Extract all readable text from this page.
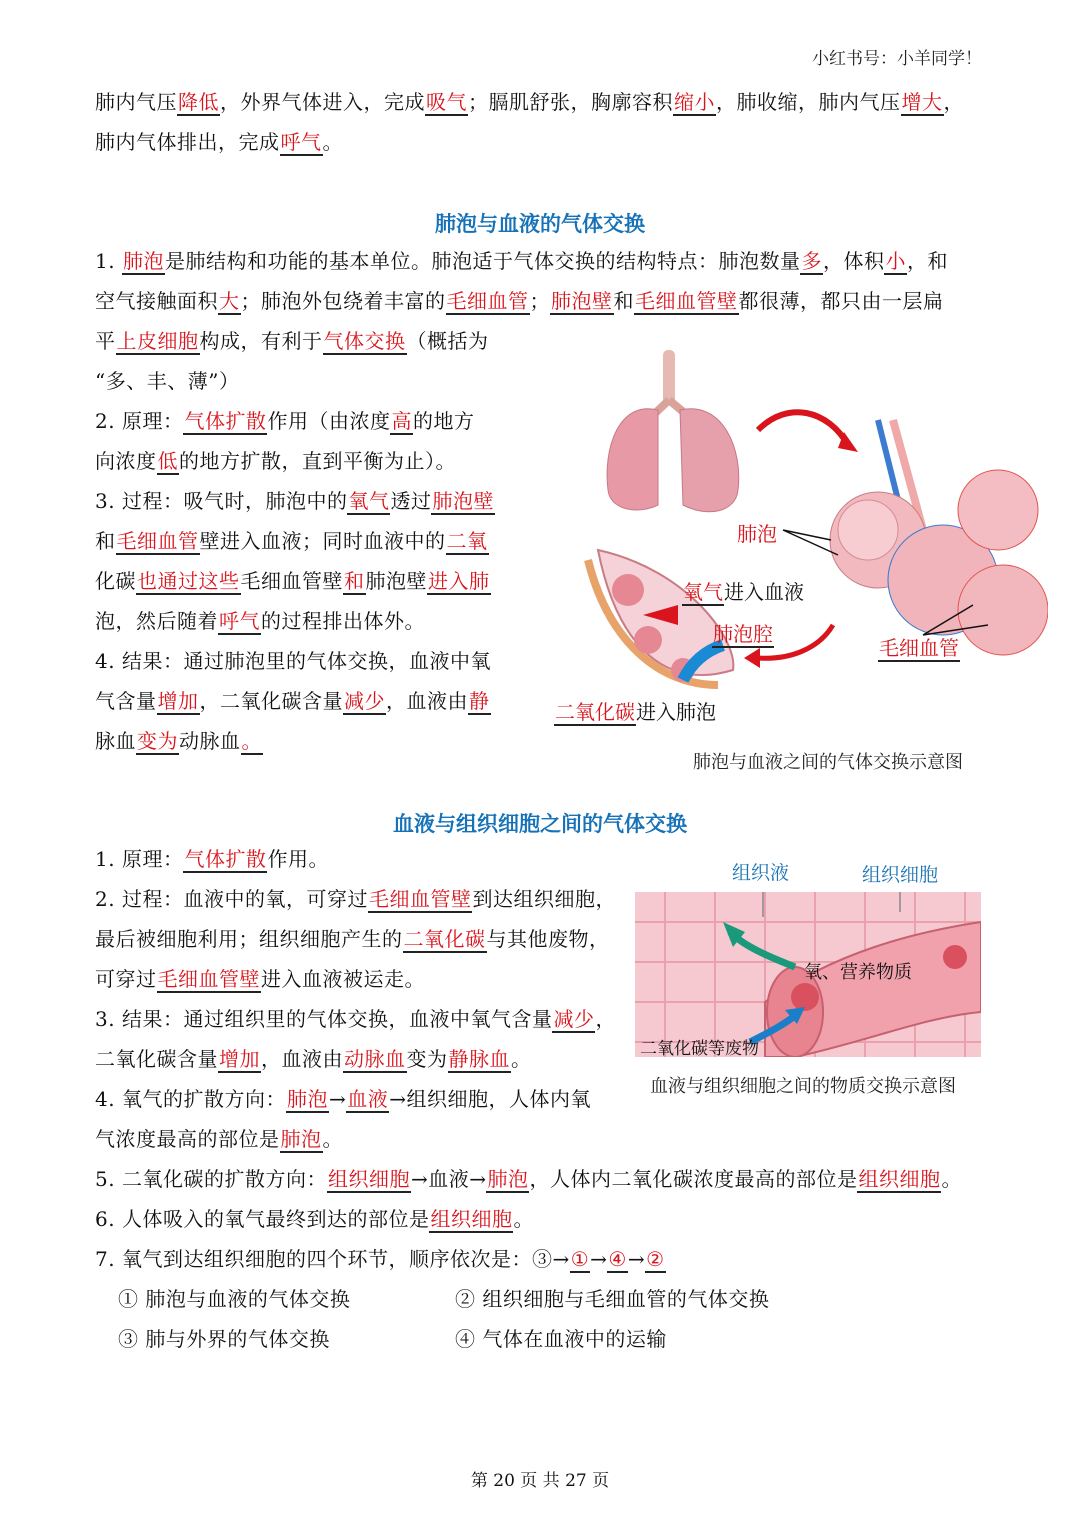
小红书号：小羊同学！
肺内气压降低，外界气体进入，完成吸气；膈肌舒张，胸廓容积缩小，肺收缩，肺内气压增大，
肺内气体排出，完成呼气。
肺泡与血液的气体交换
1. 肺泡是肺结构和功能的基本单位。肺泡适于气体交换的结构特点：肺泡数量多，体积小，和
空气接触面积大；肺泡外包绕着丰富的毛细血管；肺泡壁和毛细血管壁都很薄，都只由一层扁
平上皮细胞构成，有利于气体交换（概括为
“多、丰、薄”）
2. 原理：气体扩散作用（由浓度高的地方
向浓度低的地方扩散，直到平衡为止）。
3. 过程：吸气时，肺泡中的氧气透过肺泡壁
和毛细血管壁进入血液；同时血液中的二氧
化碳也通过这些毛细血管壁和肺泡壁进入肺
泡，然后随着呼气的过程排出体外。
4. 结果：通过肺泡里的气体交换，血液中氧
气含量增加，二氧化碳含量减少，血液由静
脉血变为动脉血。
肺泡
氧气进入血液
肺泡腔
毛细血管
二氧化碳进入肺泡
肺泡与血液之间的气体交换示意图
血液与组织细胞之间的气体交换
1. 原理：气体扩散作用。
2. 过程：血液中的氧，可穿过毛细血管壁到达组织细胞，
最后被细胞利用；组织细胞产生的二氧化碳与其他废物，
可穿过毛细血管壁进入血液被运走。
3. 结果：通过组织里的气体交换，血液中氧气含量减少，
二氧化碳含量增加，血液由动脉血变为静脉血。
4. 氧气的扩散方向：肺泡→血液→组织细胞，人体内氧
气浓度最高的部位是肺泡。
5. 二氧化碳的扩散方向：组织细胞→血液→肺泡，人体内二氧化碳浓度最高的部位是组织细胞。
6. 人体吸入的氧气最终到达的部位是组织细胞。
7. 氧气到达组织细胞的四个环节，顺序依次是：③→①→④→②
① 肺泡与血液的气体交换	② 组织细胞与毛细血管的气体交换
③ 肺与外界的气体交换	④ 气体在血液中的运输
组织液	组织细胞
氧、营养物质
二氧化碳等废物
血液与组织细胞之间的物质交换示意图
第 20 页 共 27 页
